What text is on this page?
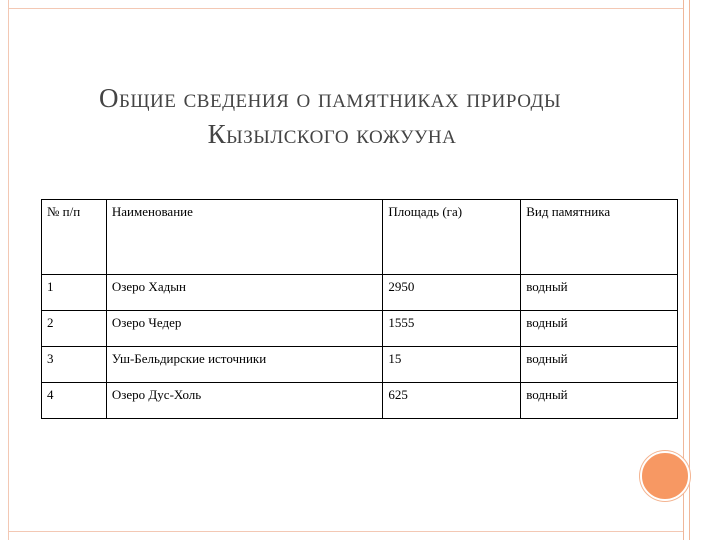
Общие сведения о памятниках природы
Кызылского кожууна
№ п/п	Наименование	Площадь (га)	Вид памятника
1	Озеро Хадын	2950	водный
2	Озеро Чедер	1555	водный
3	Уш-Бельдирские источники	15	водный
4	Озеро Дус-Холь	625	водный
